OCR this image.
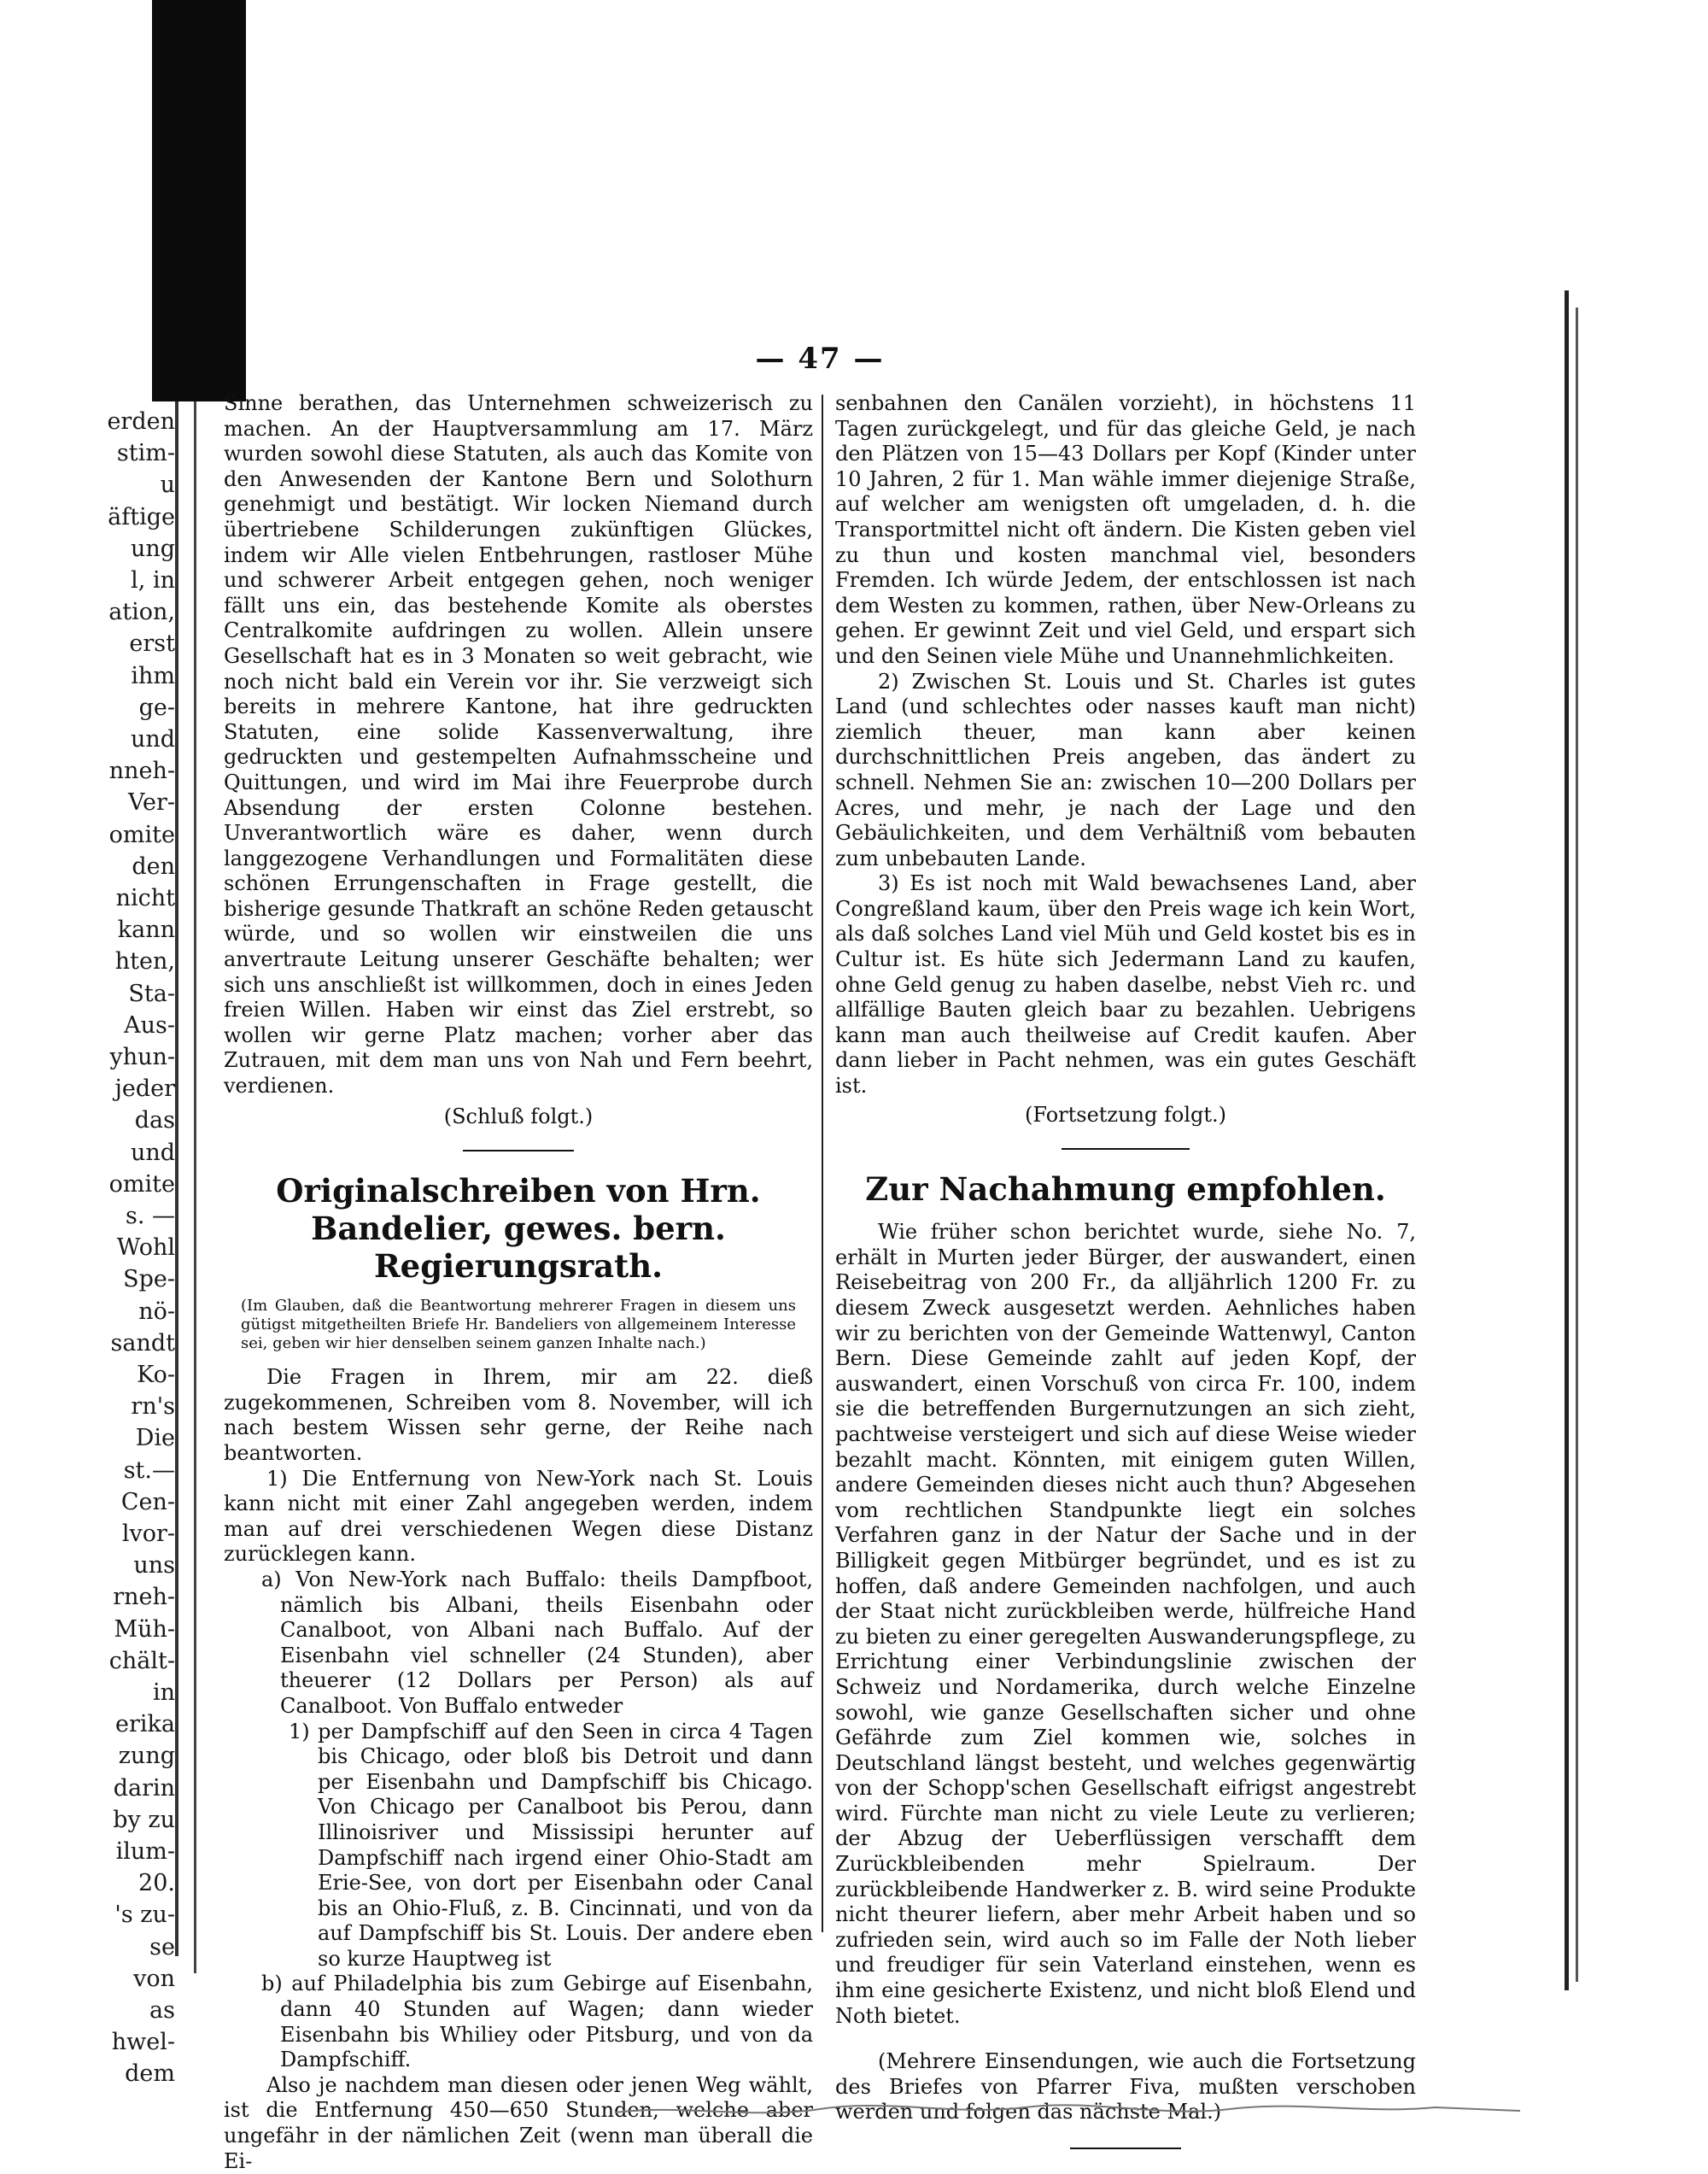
erden
stim-
u
äftige
ung
l, in
ation,
erst
ihm
ge-
und
nneh-
Ver-
omite
den
nicht
kann
hten,
Sta-
Aus-
yhun-
jeder
das
und
omite
s. —
Wohl
Spe-
nö-
sandt
Ko-
rn's
Die
st.—
Cen-
lvor-
uns
rneh-
Müh-
chält-
in
erika
zung
darin
by zu
ilum-
20.
's zu-
se
von
as
hwel-
dem
— 47 —

Sinne berathen, das Unternehmen schweizerisch zu machen. An der Hauptversammlung am 17. März wurden sowohl diese Statuten, als auch das Komite von den Anwesenden der Kantone Bern und Solothurn genehmigt und bestätigt. Wir locken Niemand durch übertriebene Schilderungen zukünftigen Glückes, indem wir Alle vielen Entbehrungen, rastloser Mühe und schwerer Arbeit entgegen gehen, noch weniger fällt uns ein, das bestehende Komite als oberstes Centralkomite aufdringen zu wollen. Allein unsere Gesellschaft hat es in 3 Monaten so weit gebracht, wie noch nicht bald ein Verein vor ihr. Sie verzweigt sich bereits in mehrere Kantone, hat ihre gedruckten Statuten, eine solide Kassenverwaltung, ihre gedruckten und gestempelten Aufnahmsscheine und Quittungen, und wird im Mai ihre Feuerprobe durch Absendung der ersten Colonne bestehen. Unverantwortlich wäre es daher, wenn durch langgezogene Verhandlungen und Formalitäten diese schönen Errungenschaften in Frage gestellt, die bisherige gesunde Thatkraft an schöne Reden getauscht würde, und so wollen wir einstweilen die uns anvertraute Leitung unserer Geschäfte behalten; wer sich uns anschließt ist willkommen, doch in eines Jeden freien Willen. Haben wir einst das Ziel erstrebt, so wollen wir gerne Platz machen; vorher aber das Zutrauen, mit dem man uns von Nah und Fern beehrt, verdienen.

(Schluß folgt.)

Originalschreiben von Hrn. Bandelier, gewes. bern. Regierungsrath.

(Im Glauben, daß die Beantwortung mehrerer Fragen in diesem uns gütigst mitgetheilten Briefe Hr. Bandeliers von allgemeinem Interesse sei, geben wir hier denselben seinem ganzen Inhalte nach.)

Die Fragen in Ihrem, mir am 22. dieß zugekommenen, Schreiben vom 8. November, will ich nach bestem Wissen sehr gerne, der Reihe nach beantworten.

1) Die Entfernung von New-York nach St. Louis kann nicht mit einer Zahl angegeben werden, indem man auf drei verschiedenen Wegen diese Distanz zurücklegen kann.

a) Von New-York nach Buffalo: theils Dampfboot, nämlich bis Albani, theils Eisenbahn oder Canalboot, von Albani nach Buffalo. Auf der Eisenbahn viel schneller (24 Stunden), aber theuerer (12 Dollars per Person) als auf Canalboot. Von Buffalo entweder

1) per Dampfschiff auf den Seen in circa 4 Tagen bis Chicago, oder bloß bis Detroit und dann per Eisenbahn und Dampfschiff bis Chicago. Von Chicago per Canalboot bis Perou, dann Illinoisriver und Mississipi herunter auf Dampfschiff nach irgend einer Ohio-Stadt am Erie-See, von dort per Eisenbahn oder Canal bis an Ohio-Fluß, z. B. Cincinnati, und von da auf Dampfschiff bis St. Louis. Der andere eben so kurze Hauptweg ist

b) auf Philadelphia bis zum Gebirge auf Eisenbahn, dann 40 Stunden auf Wagen; dann wieder Eisenbahn bis Whiliey oder Pitsburg, und von da Dampfschiff.

Also je nachdem man diesen oder jenen Weg wählt, ist die Entfernung 450—650 Stunden, welche aber ungefähr in der nämlichen Zeit (wenn man überall die Ei-

senbahnen den Canälen vorzieht), in höchstens 11 Tagen zurückgelegt, und für das gleiche Geld, je nach den Plätzen von 15—43 Dollars per Kopf (Kinder unter 10 Jahren, 2 für 1. Man wähle immer diejenige Straße, auf welcher am wenigsten oft umgeladen, d. h. die Transportmittel nicht oft ändern. Die Kisten geben viel zu thun und kosten manchmal viel, besonders Fremden. Ich würde Jedem, der entschlossen ist nach dem Westen zu kommen, rathen, über New-Orleans zu gehen. Er gewinnt Zeit und viel Geld, und erspart sich und den Seinen viele Mühe und Unannehmlichkeiten.

2) Zwischen St. Louis und St. Charles ist gutes Land (und schlechtes oder nasses kauft man nicht) ziemlich theuer, man kann aber keinen durchschnittlichen Preis angeben, das ändert zu schnell. Nehmen Sie an: zwischen 10—200 Dollars per Acres, und mehr, je nach der Lage und den Gebäulichkeiten, und dem Verhältniß vom bebauten zum unbebauten Lande.

3) Es ist noch mit Wald bewachsenes Land, aber Congreßland kaum, über den Preis wage ich kein Wort, als daß solches Land viel Müh und Geld kostet bis es in Cultur ist. Es hüte sich Jedermann Land zu kaufen, ohne Geld genug zu haben daselbe, nebst Vieh rc. und allfällige Bauten gleich baar zu bezahlen. Uebrigens kann man auch theilweise auf Credit kaufen. Aber dann lieber in Pacht nehmen, was ein gutes Geschäft ist.

(Fortsetzung folgt.)

Zur Nachahmung empfohlen.

Wie früher schon berichtet wurde, siehe No. 7, erhält in Murten jeder Bürger, der auswandert, einen Reisebeitrag von 200 Fr., da alljährlich 1200 Fr. zu diesem Zweck ausgesetzt werden. Aehnliches haben wir zu berichten von der Gemeinde Wattenwyl, Canton Bern. Diese Gemeinde zahlt auf jeden Kopf, der auswandert, einen Vorschuß von circa Fr. 100, indem sie die betreffenden Burgernutzungen an sich zieht, pachtweise versteigert und sich auf diese Weise wieder bezahlt macht. Könnten, mit einigem guten Willen, andere Gemeinden dieses nicht auch thun? Abgesehen vom rechtlichen Standpunkte liegt ein solches Verfahren ganz in der Natur der Sache und in der Billigkeit gegen Mitbürger begründet, und es ist zu hoffen, daß andere Gemeinden nachfolgen, und auch der Staat nicht zurückbleiben werde, hülfreiche Hand zu bieten zu einer geregelten Auswanderungspflege, zu Errichtung einer Verbindungslinie zwischen der Schweiz und Nordamerika, durch welche Einzelne sowohl, wie ganze Gesellschaften sicher und ohne Gefährde zum Ziel kommen wie, solches in Deutschland längst besteht, und welches gegenwärtig von der Schopp'schen Gesellschaft eifrigst angestrebt wird. Fürchte man nicht zu viele Leute zu verlieren; der Abzug der Ueberflüssigen verschafft dem Zurückbleibenden mehr Spielraum. Der zurückbleibende Handwerker z. B. wird seine Produkte nicht theurer liefern, aber mehr Arbeit haben und so zufrieden sein, wird auch so im Falle der Noth lieber und freudiger für sein Vaterland einstehen, wenn es ihm eine gesicherte Existenz, und nicht bloß Elend und Noth bietet.

(Mehrere Einsendungen, wie auch die Fortsetzung des Briefes von Pfarrer Fiva, mußten verschoben werden und folgen das nächste Mal.)
